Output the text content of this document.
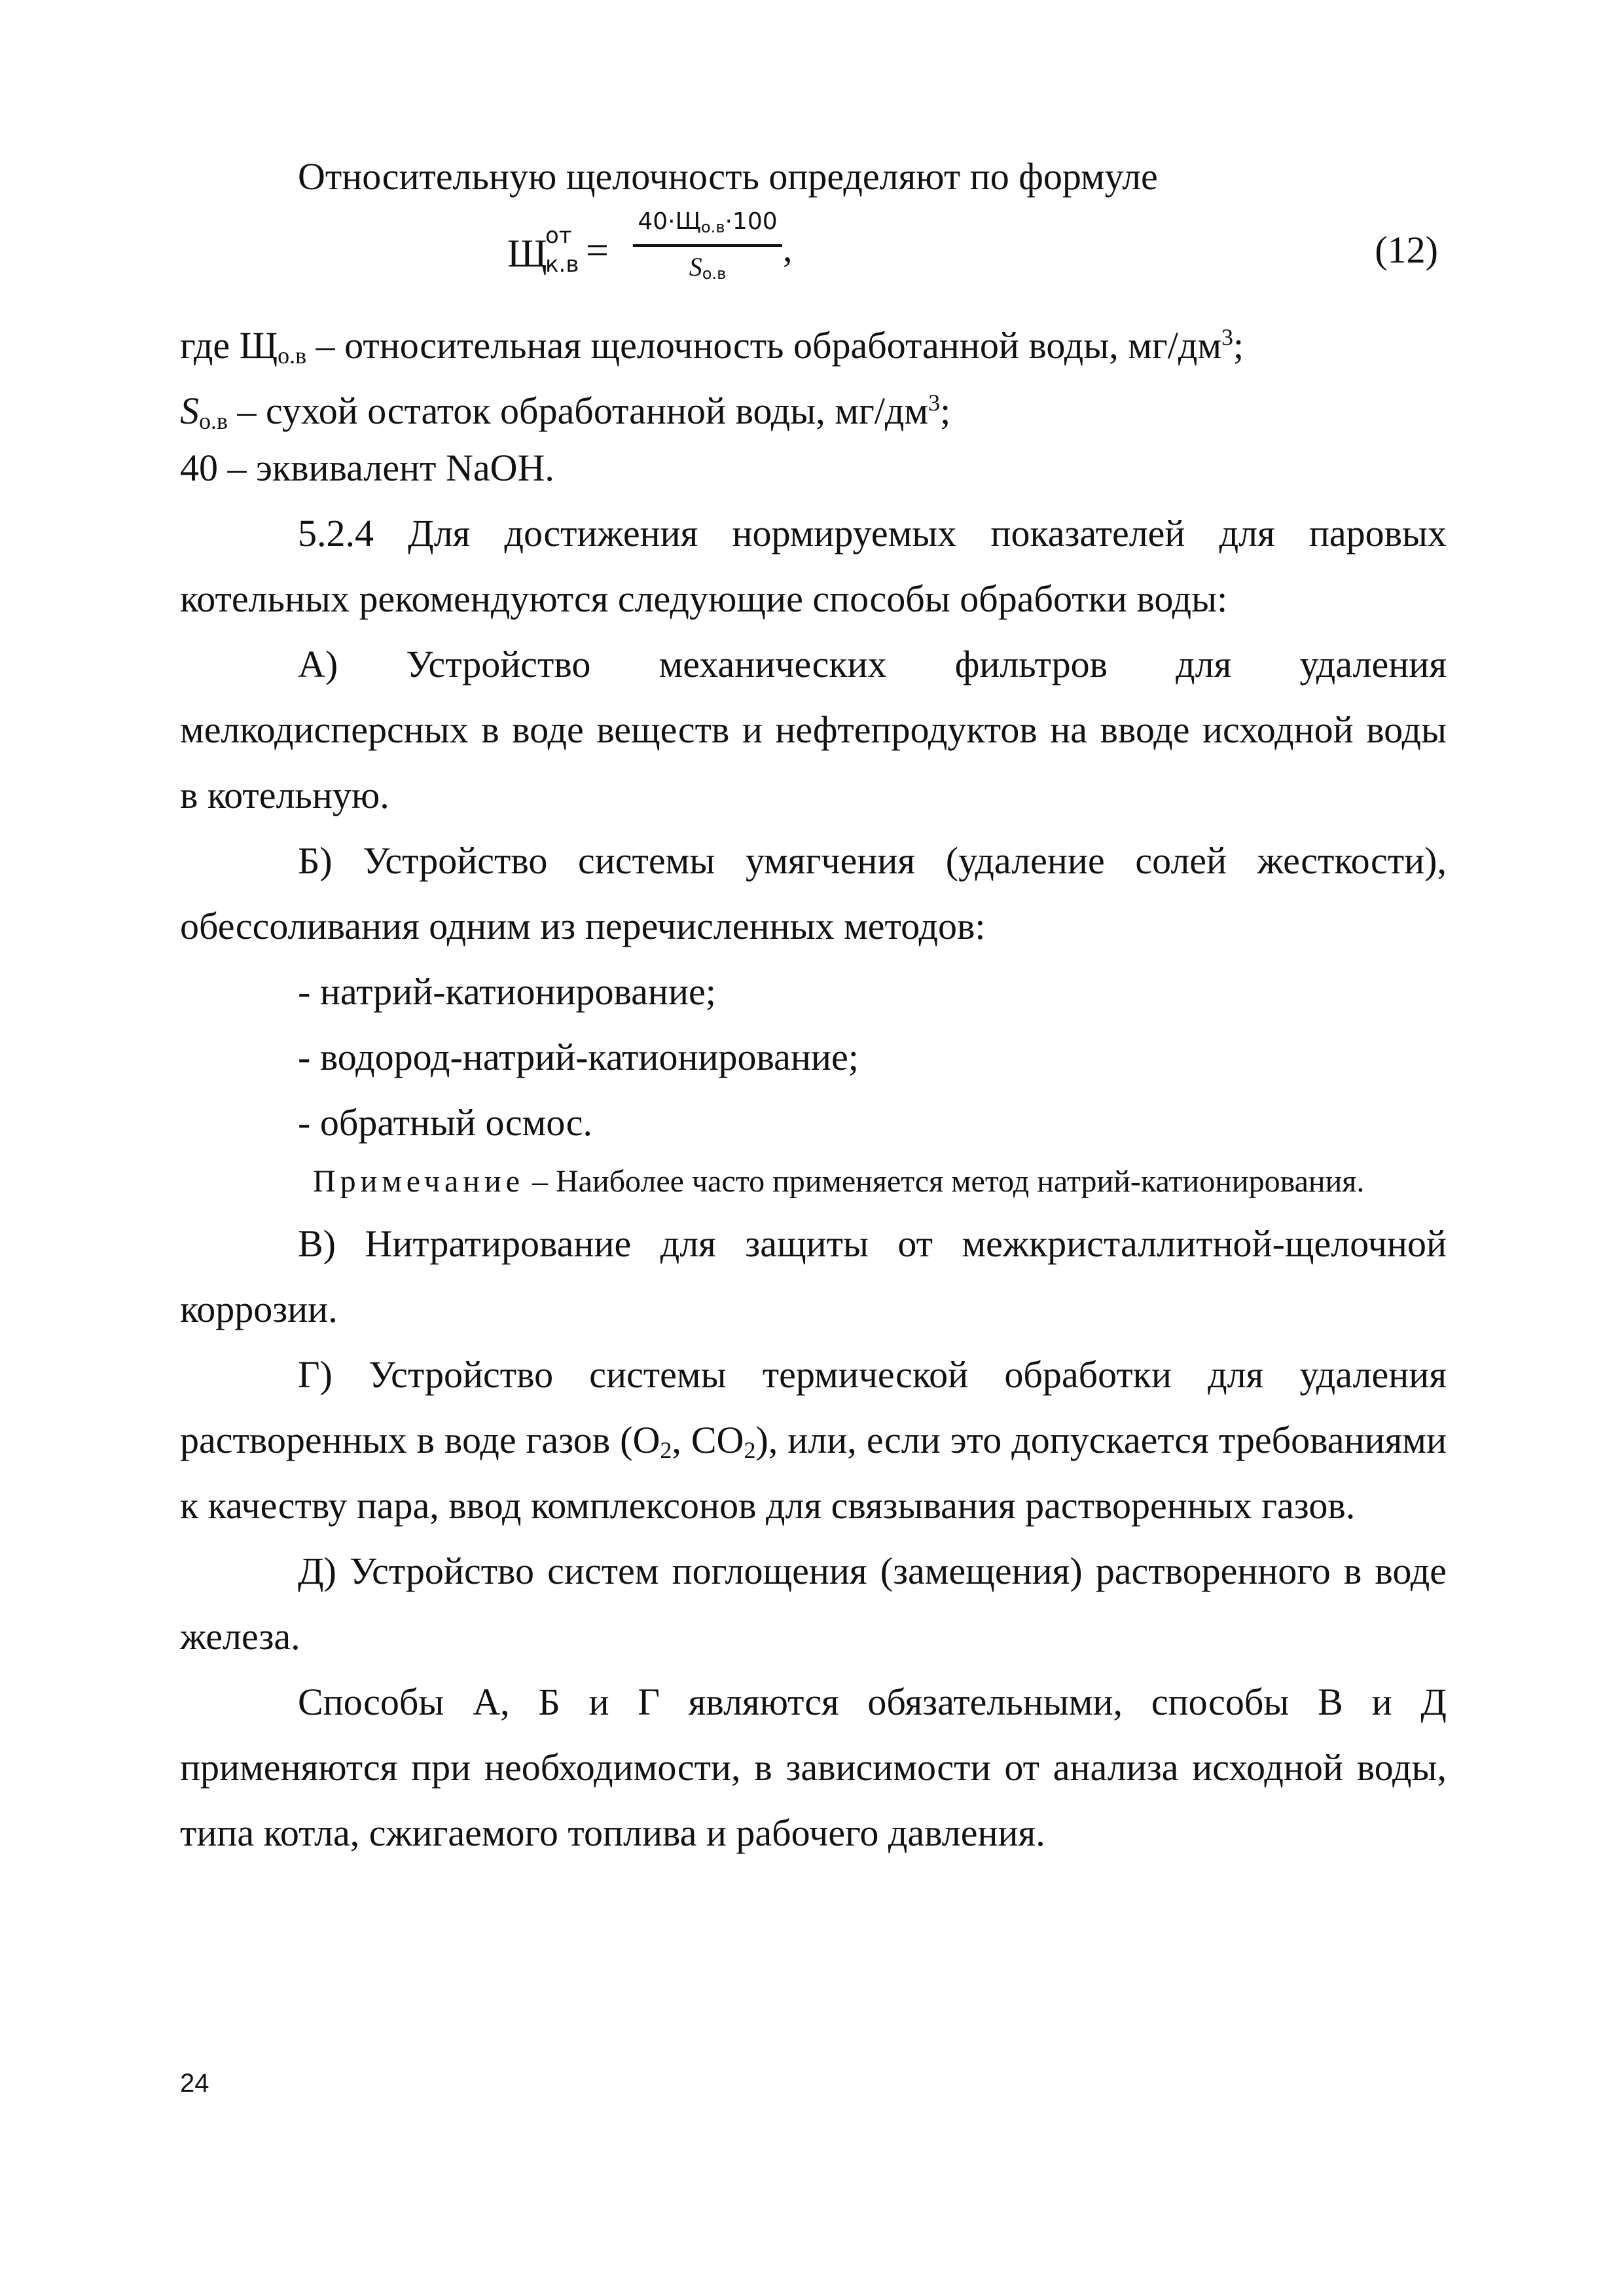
Относительную щелочность определяют по формуле
Щ
от
к.в =
$40\cdot Щ_{о.в}\cdot 100$
$S_{о.в}$
,	(12)
где $Щ_{о.в}$ – относительная щелочность обработанной воды, $мг/дм^3$;
$S_{о.в}$ – сухой остаток обработанной воды, $мг/дм^3$;
40 – эквивалент NaOH.
5.2.4 Для достижения нормируемых показателей для паровых
котельных рекомендуются следующие способы обработки воды:
А) Устройство механических фильтров для удаления
мелкодисперсных в воде веществ и нефтепродуктов на вводе исходной воды
в котельную.
Б) Устройство системы умягчения (удаление солей жесткости),
обессоливания одним из перечисленных методов:
- натрий-катионирование;
- водород-натрий-катионирование;
- обратный осмос.
Примечание – Наиболее часто применяется метод натрий-катионирования.
В) Нитратирование для защиты от межкристаллитной-щелочной
коррозии.
Г) Устройство системы термической обработки для удаления
растворенных в воде газов ($O_2$, $CO_2$), или, если это допускается требованиями
к качеству пара, ввод комплексонов для связывания растворенных газов.
Д) Устройство систем поглощения (замещения) растворенного в воде
железа.
Способы А, Б и Г являются обязательными, способы В и Д
применяются при необходимости, в зависимости от анализа исходной воды,
типа котла, сжигаемого топлива и рабочего давления.
24
